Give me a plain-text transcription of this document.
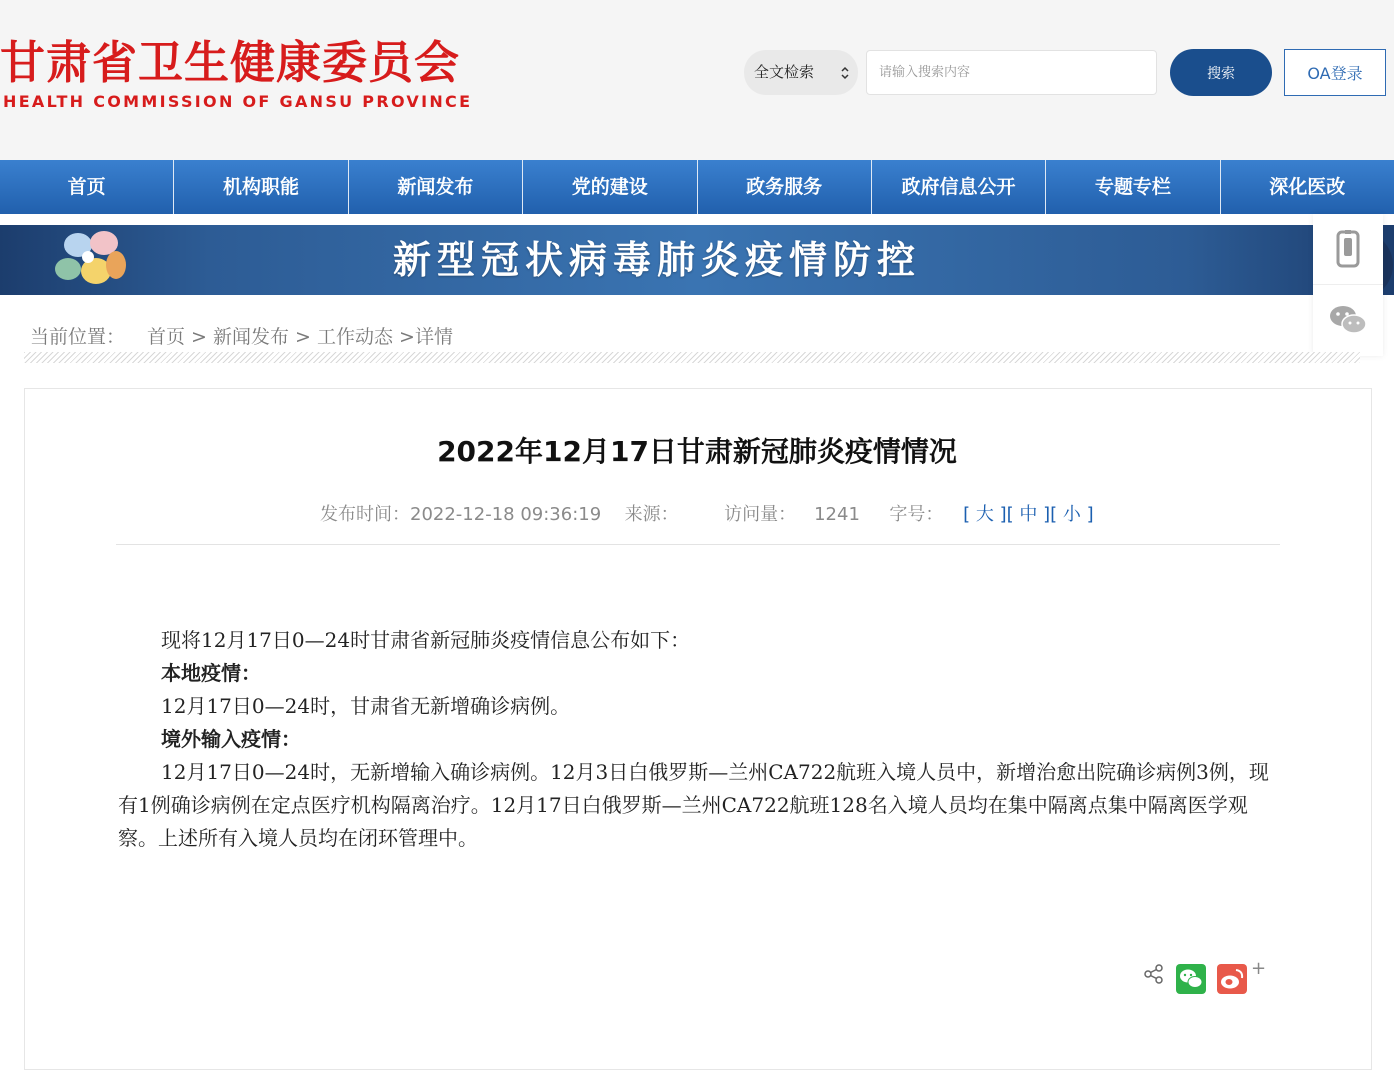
甘肃省卫生健康委员会
HEALTH COMMISSION OF GANSU PROVINCE
全文检索
请输入搜索内容	搜索	OA登录
首页	机构职能	新闻发布	党的建设	政务服务	政府信息公开	专题专栏	深化医改
新型冠状病毒肺炎疫情防控
当前位置： 首页 > 新闻发布 > 工作动态 >详情
2022年12月17日甘肃新冠肺炎疫情情况
发布时间：2022-12-18 09:36:19 来源：	访问量： 1241 字号： [ 大 ][ 中 ][ 小 ]

现将12月17日0—24时甘肃省新冠肺炎疫情信息公布如下：

本地疫情：

12月17日0—24时，甘肃省无新增确诊病例。

境外输入疫情：

12月17日0—24时，无新增输入确诊病例。12月3日白俄罗斯—兰州CA722航班入境人员中，新增治愈出院确诊病例3例，现有1例确诊病例在定点医疗机构隔离治疗。12月17日白俄罗斯—兰州CA722航班128名入境人员均在集中隔离点集中隔离医学观察。上述所有入境人员均在闭环管理中。

+
